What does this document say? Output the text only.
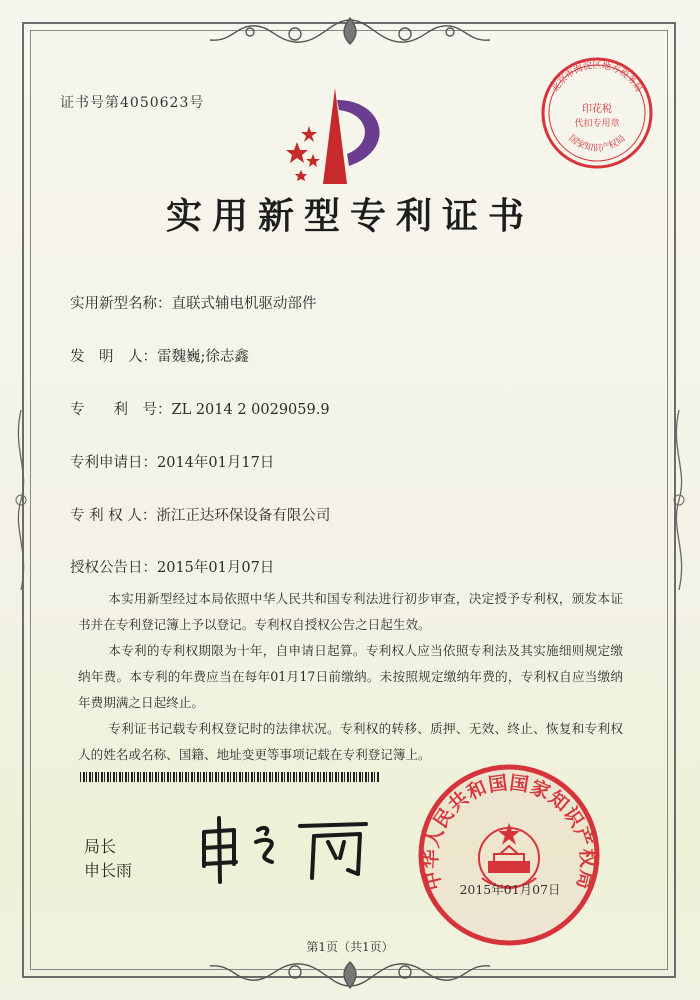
证书号第4050623号
实用新型专利证书
北京市海淀区地方税务局
印花税
代扣专用章
国家知识产权局
实用新型名称：直联式辅电机驱动部件
发　明　人：雷魏巍;徐志鑫
专　　利　号：ZL 2014 2 0029059.9
专利申请日：2014年01月17日
专 利 权 人：浙江正达环保设备有限公司
授权公告日：2015年01月07日

本实用新型经过本局依照中华人民共和国专利法进行初步审查，决定授予专利权，颁发本证书并在专利登记簿上予以登记。专利权自授权公告之日起生效。

本专利的专利权期限为十年，自申请日起算。专利权人应当依照专利法及其实施细则规定缴纳年费。本专利的年费应当在每年01月17日前缴纳。未按照规定缴纳年费的，专利权自应当缴纳年费期满之日起终止。

专利证书记载专利权登记时的法律状况。专利权的转移、质押、无效、终止、恢复和专利权人的姓名或名称、国籍、地址变更等事项记载在专利登记簿上。

局长
申长雨	中华人民共和国国家知识产权局
2015年01月07日
第1页（共1页）
